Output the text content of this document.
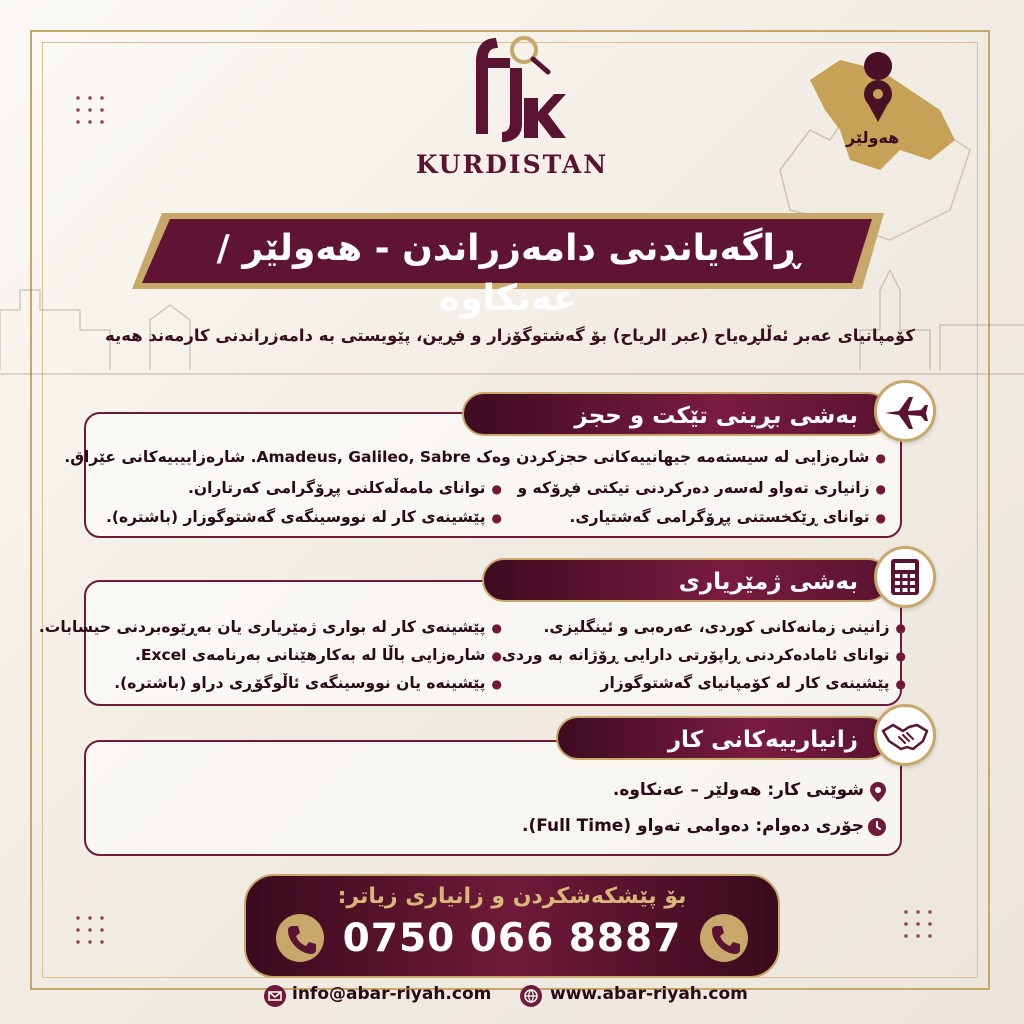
هەولێر
KURDISTAN
ڕاگەیاندنی دامەزراندن - هەولێر / عەنکاوە
کۆمپانیای عەبر ئەڵلڕەیاح (عبر الرياح) بۆ گەشتوگۆزار و فڕین، پێویستی بە دامەزراندنی کارمەند هەیە
بەشی بڕینی تێکت و حجز
● شارەزایی لە سیستەمە جیهانییەکانی حجزکردن وەک Amadeus, Galileo, Sabre. شارەزاییبیەکانی عێراق.
● زانیاری تەواو لەسەر دەرکردنی تیکتی فڕۆکە و
● توانای ڕێکخستنی پڕۆگرامی گەشتیاری.
● توانای مامەڵەکلنی پڕۆگرامی کەرتاران.
● پێشینەی کار لە نووسینگەی گەشتوگوزار (باشترە).
بەشی ژمێریاری
● زانینی زمانەکانی کوردی، عەرەبی و ئینگلیزی.
● توانای ئامادەکردنی ڕاپۆرتی دارایی ڕۆژانە بە وردی.
● پێشینەی کار لە کۆمپانیای گەشتوگوزار
● پێشینەی کار لە بواری ژمێریاری یان بەڕێوەبردنی حیسابات.
● شارەزایی باڵا لە بەکارهێنانی بەرنامەی Excel.
● پێشینەە یان نووسینگەی ئاڵوگۆڕی دراو (باشترە).
زانیارییەکانی کار
شوێنی کار: هەولێر – عەنکاوە.
جۆری دەوام: دەوامی تەواو (Full Time).
بۆ پێشکەشکردن و زانیاری زیاتر:
0750 066 8887
info@abar-riyah.com	www.abar-riyah.com
